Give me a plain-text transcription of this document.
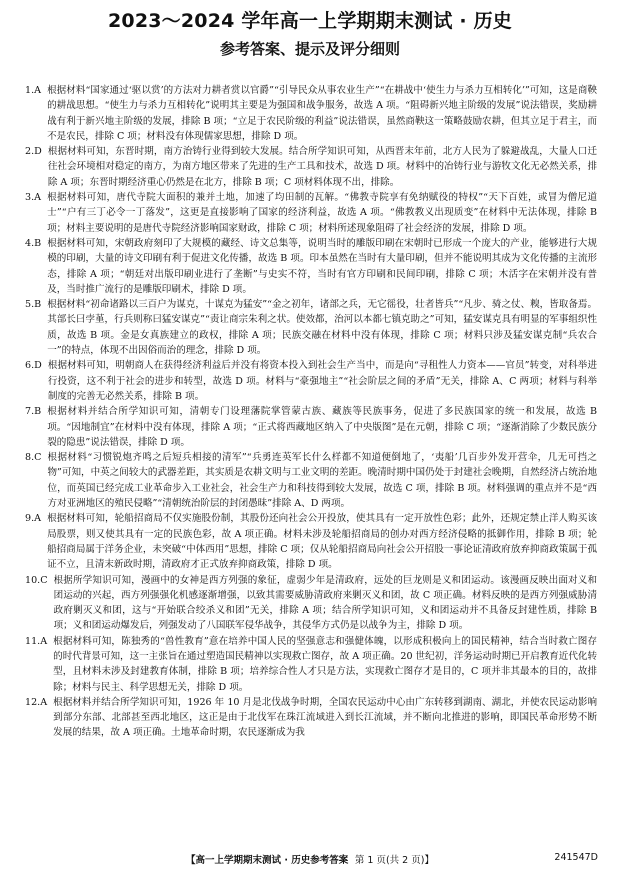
2023～2024 学年高一上学期期末测试 · 历史
参考答案、提示及评分细则
1.A 根据材料“国家通过‘驱以赏’的方法对力耕者赏以官爵”“引导民众从事农业生产”“在耕战中‘使生力与杀力互相转化’”可知，这是商鞅的耕战思想。“使生力与杀力互相转化”说明其主要是为强国和战争服务，故选 A 项。“阻碍新兴地主阶级的发展”说法错误，奖励耕战有利于新兴地主阶级的发展，排除 B 项；“立足于农民阶级的利益”说法错误，虽然商鞅这一策略鼓励农耕，但其立足于君主，而不是农民，排除 C 项；材料没有体现儒家思想，排除 D 项。
2.D 根据材料可知，东晋时期，南方治铸行业得到较大发展。结合所学知识可知，从西晋末年前，北方人民为了躲避战乱，大量人口迁往社会环境相对稳定的南方，为南方地区带来了先进的生产工具和技术，故选 D 项。材料中的冶铸行业与游牧文化无必然关系，排除 A 项；东晋时期经济重心仍然是在北方，排除 B 项；C 项材料体现不出，排除。
3.A 根据材料可知，唐代寺院大面积的兼并土地，加速了均田制的瓦解。“佛教寺院享有免纳赋役的特权”“天下百姓，或冒为僧尼道士”“户有三丁必令一丁落发”，这更是直接影响了国家的经济利益，故选 A 项。“佛教教义出现质变”在材料中无法体现，排除 B 项；材料主要说明的是唐代寺院经济影响国家财政，排除 C 项；材料所述现象阻碍了社会经济的发展，排除 D 项。
4.B 根据材料可知，宋朝政府刻印了大规模的藏经、诗文总集等，说明当时的雕版印刷在宋朝时已形成一个庞大的产业，能够进行大规模的印刷，大量的诗文印刷有利于促进文化传播，故选 B 项。印本虽然在当时有大量印刷，但并不能说明其成为文化传播的主流形态，排除 A 项；“朝廷对出版印刷业进行了垄断”与史实不符，当时有官方印刷和民间印刷，排除 C 项；木活字在宋朝并没有普及，当时推广流行的是雕版印刷术，排除 D 项。
5.B 根据材料“初命诸路以三百户为谋克，十谋克为猛安”“金之初年，诸部之兵，无它徭役，壮者皆兵”“凡步、骑之仗、糗，皆取备焉。其部长曰孛堇，行兵则称曰猛安谋克”“责让商宗朱利之状。使效都，治河以本都七镇克助之”可知，猛安谋克具有明显的军事组织性质，故选 B 项。金是女真族建立的政权，排除 A 项；民族交融在材料中没有体现，排除 C 项；材料只涉及猛安谋克制“兵农合一”的特点，体现不出因俗而治的理念，排除 D 项。
6.D 根据材料可知，明朝商人在获得经济利益后并没有将资本投入到社会生产当中，而是向“寻租性人力资本——官员”转变，对科举进行投资，这不利于社会的进步和转型，故选 D 项。材料与“豪强地主”“社会阶层之间的矛盾”无关，排除 A、C 两项；材料与科举制度的完善无必然关系，排除 B 项。
7.B 根据材料并结合所学知识可知，清朝专门设理藩院掌管蒙古族、藏族等民族事务，促进了多民族国家的统一和发展，故选 B 项。“因地制宜”在材料中没有体现，排除 A 项；“正式将西藏地区纳入了中央版图”是在元朝，排除 C 项；“逐渐消除了少数民族分裂的隐患”说法错误，排除 D 项。
8.C 根据材料“习惯锐炮齐鸣之后短兵相接的清军”“兵勇连英军长什么样都不知道便倒地了，‘夷船’几百步外发开营伞，几无可挡之物”可知，中英之间较大的武器差距，其实质是农耕文明与工业文明的差距。晚清时期中国仍处于封建社会晚期，自然经济占统治地位，而英国已经完成工业革命步入工业社会，社会生产力和科技得到较大发展，故选 C 项，排除 B 项。材料强调的重点并不是“西方对亚洲地区的殖民侵略”“清朝统治阶层的封闭愚昧”排除 A、D 两项。
9.A 根据材料可知，轮船招商局不仅实施股份制，其股份还向社会公开投放，使其具有一定开放性色彩；此外，还规定禁止洋人购买该局股票，则又使其具有一定的民族色彩，故 A 项正确。材料未涉及轮船招商局的创办对西方经济侵略的抵御作用，排除 B 项；轮船招商局属于洋务企业，未突破“中体西用”思想，排除 C 项；仅从轮船招商局向社会公开招股一事论证清政府放弃抑商政策属于孤证不立，且清末新政时期，清政府才正式放弃抑商政策，排除 D 项。
10.C 根据所学知识可知，漫画中的女神是西方列强的象征，虚弱少年是清政府，远处的巨龙则是义和团运动。该漫画反映出面对义和团运动的兴起，西方列强强化机感逐渐增强，以致其需要威胁清政府来剿灭义和团，故 C 项正确。材料反映的是西方列强威胁清政府剿灭义和团，这与“开始联合绞杀义和团”无关，排除 A 项；结合所学知识可知，义和团运动并不具备反封建性质，排除 B 项；义和团运动爆发后，列强发动了八国联军侵华战争，其侵华方式仍是以战争为主，排除 D 项。
11.A 根据材料可知，陈独秀的“兽性教育”意在培养中国人民的坚强意志和强健体魄，以形成积极向上的国民精神，结合当时救亡图存的时代背景可知，这一主张旨在通过塑造国民精神以实现救亡图存，故 A 项正确。20 世纪初，洋务运动时期已开启教育近代化转型，且材料未涉及封建教育体制，排除 B 项；培养综合性人才只是方法，实现救亡图存才是目的，C 项并非其最本的目的，故排除；材料与民主、科学思想无关，排除 D 项。
12.A 根据材料并结合所学知识可知，1926 年 10 月是北伐战争时期，全国农民运动中心由广东转移到湖南、湖北，并使农民运动影响到部分东部、北部甚至西北地区，这正是由于北伐军在珠江流域进入到长江流域，并不断向北推进的影响，即国民革命形势不断发展的结果，故 A 项正确。土地革命时期，农民逐渐成为我
【高一上学期期末测试 · 历史参考答案 第 1 页(共 2 页)】	24154​7D
